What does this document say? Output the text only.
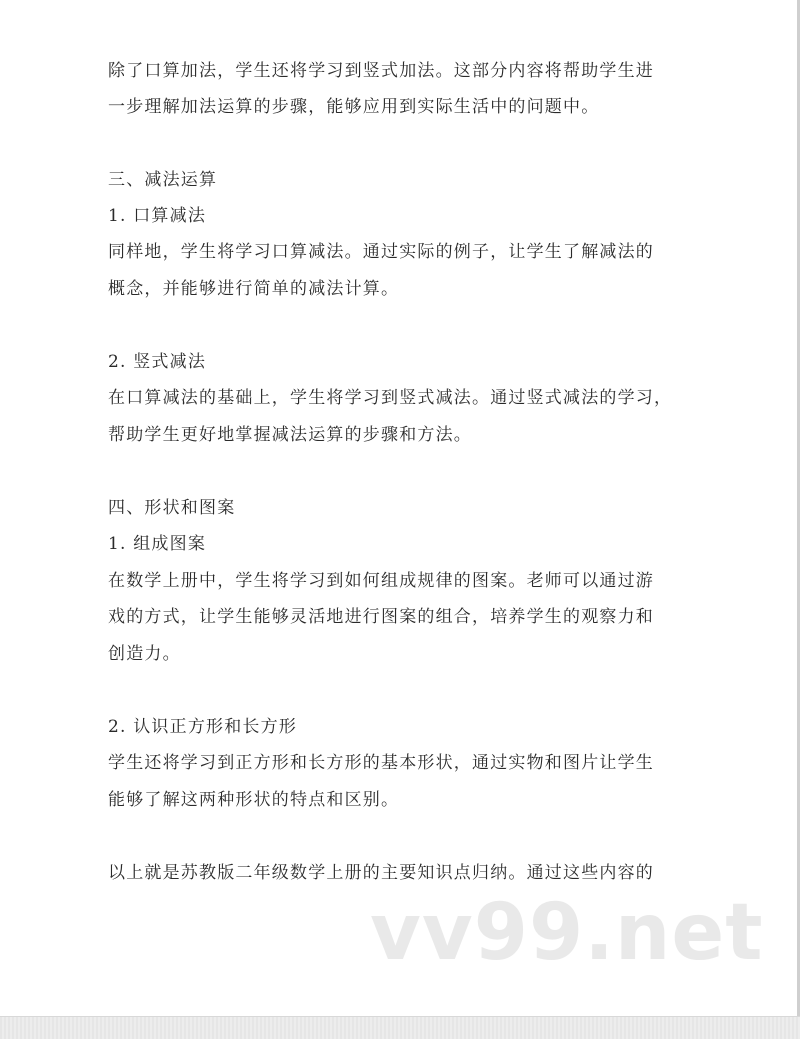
除了口算加法，学生还将学习到竖式加法。这部分内容将帮助学生进
一步理解加法运算的步骤，能够应用到实际生活中的问题中。
三、减法运算
1. 口算减法
同样地，学生将学习口算减法。通过实际的例子，让学生了解减法的
概念，并能够进行简单的减法计算。
2. 竖式减法
在口算减法的基础上，学生将学习到竖式减法。通过竖式减法的学习，
帮助学生更好地掌握减法运算的步骤和方法。
四、形状和图案
1. 组成图案
在数学上册中，学生将学习到如何组成规律的图案。老师可以通过游
戏的方式，让学生能够灵活地进行图案的组合，培养学生的观察力和
创造力。
2. 认识正方形和长方形
学生还将学习到正方形和长方形的基本形状，通过实物和图片让学生
能够了解这两种形状的特点和区别。
以上就是苏教版二年级数学上册的主要知识点归纳。通过这些内容的
vv99.net
